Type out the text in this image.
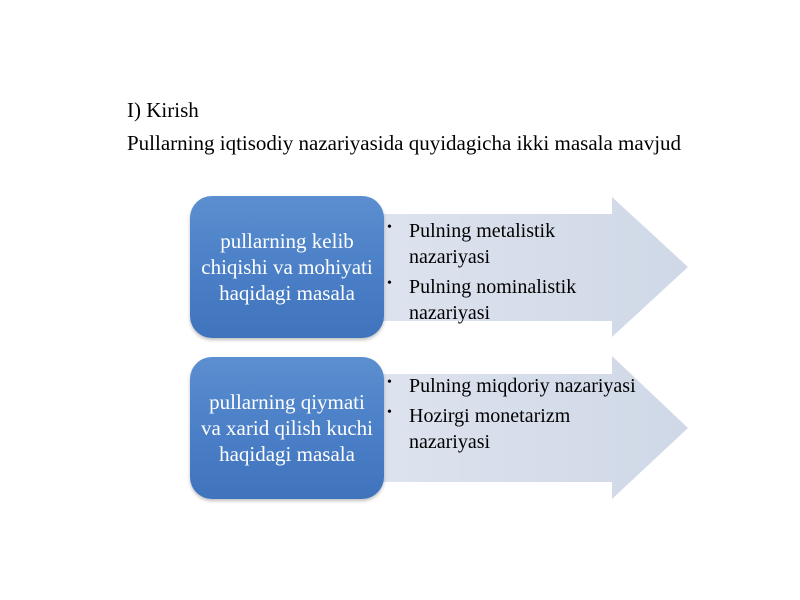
I) Kirish
Pullarning iqtisodiy nazariyasida quyidagicha ikki masala mavjud
pullarning kelib chiqishi va mohiyati haqidagi masala
• Pulning metalistik nazariyasi
• Pulning nominalistik nazariyasi
pullarning qiymati va xarid qilish kuchi haqidagi masala
• Pulning miqdoriy nazariyasi
• Hozirgi monetarizm nazariyasi
